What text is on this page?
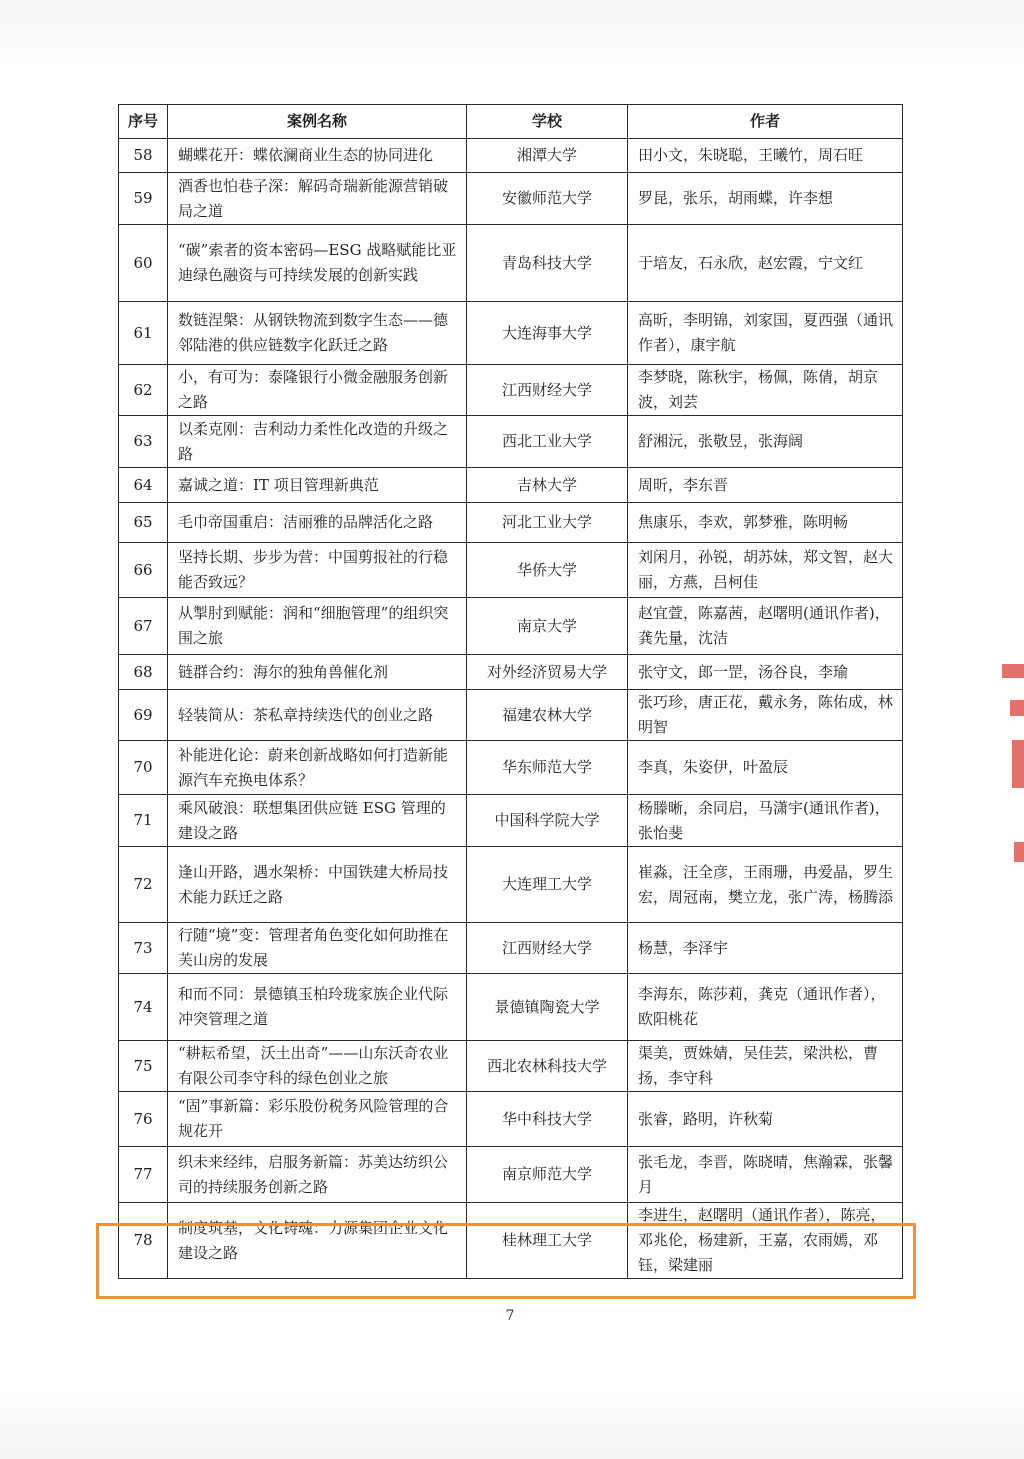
序号	案例名称	学校	作者
58	蝴蝶花开：蝶依澜商业生态的协同进化	湘潭大学	田小文，朱晓聪，王曦竹，周石旺
59	酒香也怕巷子深：解码奇瑞新能源营销破局之道	安徽师范大学	罗昆，张乐，胡雨蝶，许李想
60	“碳”索者的资本密码—ESG 战略赋能比亚迪绿色融资与可持续发展的创新实践	青岛科技大学	于培友，石永欣，赵宏霞，宁文红
61	数链涅槃：从钢铁物流到数字生态——德邻陆港的供应链数字化跃迁之路	大连海事大学	高昕，李明锦，刘家国，夏西强（通讯作者），康宇航
62	小，有可为：泰隆银行小微金融服务创新之路	江西财经大学	李梦晓，陈秋宇，杨佩，陈倩，胡京波，刘芸
63	以柔克刚：吉利动力柔性化改造的升级之路	西北工业大学	舒湘沅，张敬昱，张海阔
64	嘉诚之道：IT 项目管理新典范	吉林大学	周昕，李东晋
65	毛巾帝国重启：洁丽雅的品牌活化之路	河北工业大学	焦康乐，李欢，郭梦雅，陈明畅
66	坚持长期、步步为营：中国剪报社的行稳能否致远？	华侨大学	刘闲月，孙锐，胡苏妹，郑文智，赵大丽，方燕，吕柯佳
67	从掣肘到赋能：润和“细胞管理”的组织突围之旅	南京大学	赵宜萱，陈嘉茜，赵曙明(通讯作者)，龚先量，沈洁
68	链群合约：海尔的独角兽催化剂	对外经济贸易大学	张守文，郎一罡，汤谷良，李瑜
69	轻装简从：茶私章持续迭代的创业之路	福建农林大学	张巧珍，唐正花，戴永务，陈佑成，林明智
70	补能进化论：蔚来创新战略如何打造新能源汽车充换电体系？	华东师范大学	李真，朱姿伊，叶盈辰
71	乘风破浪：联想集团供应链 ESG 管理的建设之路	中国科学院大学	杨滕晰，余同启，马潇宇(通讯作者)，张怡斐
72	逢山开路，遇水架桥：中国铁建大桥局技术能力跃迁之路	大连理工大学	崔淼，汪全彦，王雨珊，冉爱晶，罗生宏，周冠南，樊立龙，张广涛，杨腾添
73	行随“境”变：管理者角色变化如何助推在芙山房的发展	江西财经大学	杨慧，李泽宇
74	和而不同：景德镇玉柏玲珑家族企业代际冲突管理之道	景德镇陶瓷大学	李海东，陈莎莉，龚克（通讯作者），欧阳桃花
75	“耕耘希望，沃土出奇”——山东沃奇农业有限公司李守科的绿色创业之旅	西北农林科技大学	渠美，贾姝婧，吴佳芸，梁洪松，曹扬，李守科
76	“固”事新篇：彩乐股份税务风险管理的合规花开	华中科技大学	张睿，路明，许秋菊
77	织未来经纬，启服务新篇：苏美达纺织公司的持续服务创新之路	南京师范大学	张毛龙，李晋，陈晓晴，焦瀚霖，张馨月
78	制度筑基，文化铸魂：力源集团企业文化建设之路	桂林理工大学	李进生，赵曙明（通讯作者），陈亮，邓兆伦，杨建新，王嘉，农雨嫣，邓钰，梁建丽
7
